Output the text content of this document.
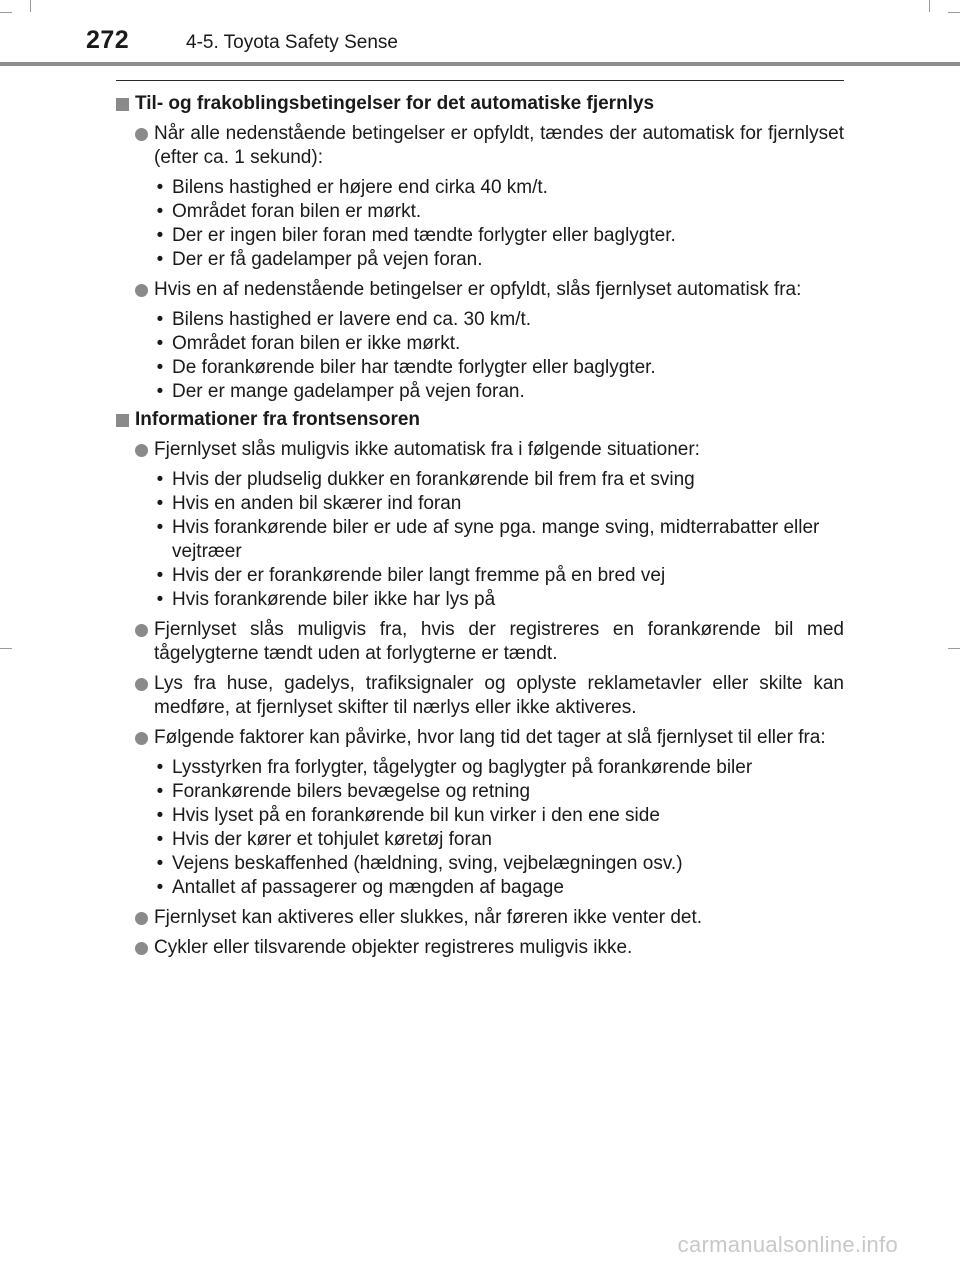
272	4-5. Toyota Safety Sense
Til- og frakoblingsbetingelser for det automatiske fjernlys
Når alle nedenstående betingelser er opfyldt, tændes der automatisk for fjernlyset (efter ca. 1 sekund):
• Bilens hastighed er højere end cirka 40 km/t.
• Området foran bilen er mørkt.
• Der er ingen biler foran med tændte forlygter eller baglygter.
• Der er få gadelamper på vejen foran.
Hvis en af nedenstående betingelser er opfyldt, slås fjernlyset automatisk fra:
• Bilens hastighed er lavere end ca. 30 km/t.
• Området foran bilen er ikke mørkt.
• De forankørende biler har tændte forlygter eller baglygter.
• Der er mange gadelamper på vejen foran.
Informationer fra frontsensoren
Fjernlyset slås muligvis ikke automatisk fra i følgende situationer:
• Hvis der pludselig dukker en forankørende bil frem fra et sving
• Hvis en anden bil skærer ind foran
• Hvis forankørende biler er ude af syne pga. mange sving, midterrabatter eller vejtræer
• Hvis der er forankørende biler langt fremme på en bred vej
• Hvis forankørende biler ikke har lys på
Fjernlyset slås muligvis fra, hvis der registreres en forankørende bil med tågelygterne tændt uden at forlygterne er tændt.
Lys fra huse, gadelys, trafiksignaler og oplyste reklametavler eller skilte kan medføre, at fjernlyset skifter til nærlys eller ikke aktiveres.
Følgende faktorer kan påvirke, hvor lang tid det tager at slå fjernlyset til eller fra:
• Lysstyrken fra forlygter, tågelygter og baglygter på forankørende biler
• Forankørende bilers bevægelse og retning
• Hvis lyset på en forankørende bil kun virker i den ene side
• Hvis der kører et tohjulet køretøj foran
• Vejens beskaffenhed (hældning, sving, vejbelægningen osv.)
• Antallet af passagerer og mængden af bagage
Fjernlyset kan aktiveres eller slukkes, når føreren ikke venter det.
Cykler eller tilsvarende objekter registreres muligvis ikke.
carmanualsonline.info
